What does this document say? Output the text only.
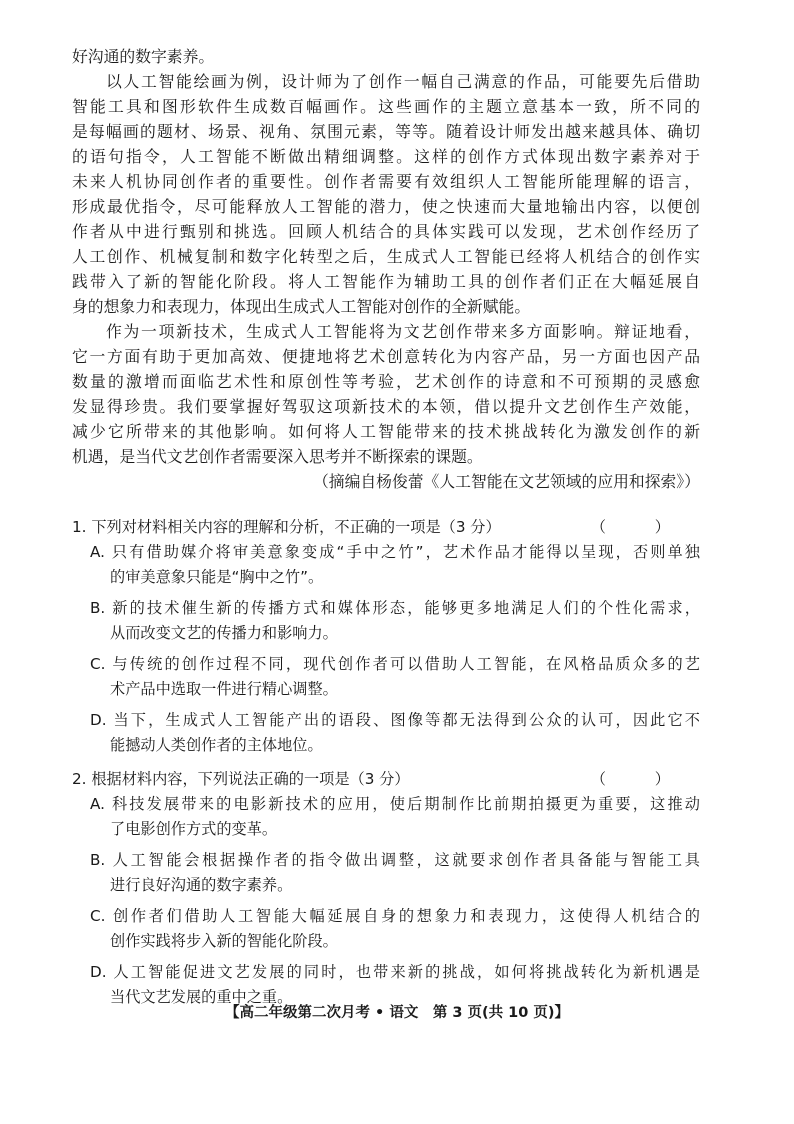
好沟通的数字素养。
以人工智能绘画为例，设计师为了创作一幅自己满意的作品，可能要先后借助
智能工具和图形软件生成数百幅画作。这些画作的主题立意基本一致，所不同的
是每幅画的题材、场景、视角、氛围元素，等等。随着设计师发出越来越具体、确切
的语句指令，人工智能不断做出精细调整。这样的创作方式体现出数字素养对于
未来人机协同创作者的重要性。创作者需要有效组织人工智能所能理解的语言，
形成最优指令，尽可能释放人工智能的潜力，使之快速而大量地输出内容，以便创
作者从中进行甄别和挑选。回顾人机结合的具体实践可以发现，艺术创作经历了
人工创作、机械复制和数字化转型之后，生成式人工智能已经将人机结合的创作实
践带入了新的智能化阶段。将人工智能作为辅助工具的创作者们正在大幅延展自
身的想象力和表现力，体现出生成式人工智能对创作的全新赋能。
作为一项新技术，生成式人工智能将为文艺创作带来多方面影响。辩证地看，
它一方面有助于更加高效、便捷地将艺术创意转化为内容产品，另一方面也因产品
数量的激增而面临艺术性和原创性等考验，艺术创作的诗意和不可预期的灵感愈
发显得珍贵。我们要掌握好驾驭这项新技术的本领，借以提升文艺创作生产效能，
减少它所带来的其他影响。如何将人工智能带来的技术挑战转化为激发创作的新
机遇，是当代文艺创作者需要深入思考并不断探索的课题。
（摘编自杨俊蕾《人工智能在文艺领域的应用和探索》）
1. 下列对材料相关内容的理解和分析，不正确的一项是（3 分）	（ ）
A. 只有借助媒介将审美意象变成“手中之竹”，艺术作品才能得以呈现，否则单独
的审美意象只能是“胸中之竹”。
B. 新的技术催生新的传播方式和媒体形态，能够更多地满足人们的个性化需求，
从而改变文艺的传播力和影响力。
C. 与传统的创作过程不同，现代创作者可以借助人工智能，在风格品质众多的艺
术产品中选取一件进行精心调整。
D. 当下，生成式人工智能产出的语段、图像等都无法得到公众的认可，因此它不
能撼动人类创作者的主体地位。
2. 根据材料内容，下列说法正确的一项是（3 分）	（ ）
A. 科技发展带来的电影新技术的应用，使后期制作比前期拍摄更为重要，这推动
了电影创作方式的变革。
B. 人工智能会根据操作者的指令做出调整，这就要求创作者具备能与智能工具
进行良好沟通的数字素养。
C. 创作者们借助人工智能大幅延展自身的想象力和表现力，这使得人机结合的
创作实践将步入新的智能化阶段。
D. 人工智能促进文艺发展的同时，也带来新的挑战，如何将挑战转化为新机遇是
当代文艺发展的重中之重。
【高二年级第二次月考 • 语文　第 3 页(共 10 页)】
